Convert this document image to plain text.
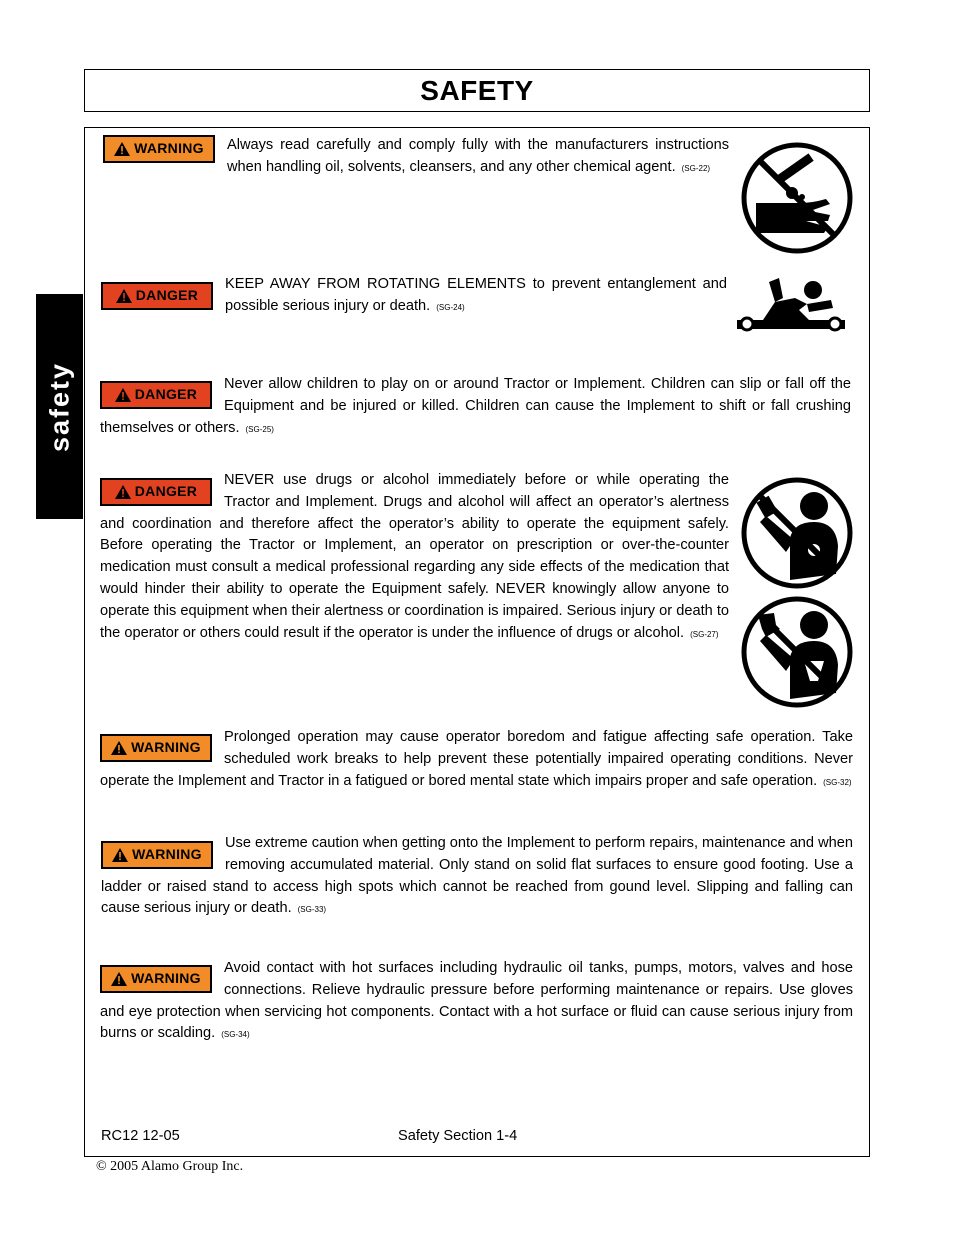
SAFETY
safety
WARNING Always read carefully and comply fully with the manufacturers instructions when handling oil, solvents, cleansers, and any other chemical agent. (SG-22)
DANGER
KEEP AWAY FROM ROTATING ELEMENTS to prevent entanglement and possible serious injury or death. (SG-24)
DANGER
Never allow children to play on or around Tractor or Implement. Children can slip or fall off the Equipment and be injured or killed. Children can cause the Implement to shift or fall crushing themselves or others. (SG-25)
DANGER
NEVER use drugs or alcohol immediately before or while operating the Tractor and Implement. Drugs and alcohol will affect an operator’s alertness and coordination and therefore affect the operator’s ability to operate the equipment safely. Before operating the Tractor or Implement, an operator on prescription or over-the-counter medication must consult a medical professional regarding any side effects of the medication that would hinder their ability to operate the Equipment safely. NEVER knowingly allow anyone to operate this equipment when their alertness or coordination is impaired. Serious injury or death to the operator or others could result if the operator is under the influence of drugs or alcohol. (SG-27)
WARNING
Prolonged operation may cause operator boredom and fatigue affecting safe operation. Take scheduled work breaks to help prevent these potentially impaired operating conditions. Never operate the Implement and Tractor in a fatigued or bored mental state which impairs proper and safe operation. (SG-32)
WARNING
Use extreme caution when getting onto the Implement to perform repairs, maintenance and when removing accumulated material. Only stand on solid flat surfaces to ensure good footing. Use a ladder or raised stand to access high spots which cannot be reached from gound level. Slipping and falling can cause serious injury or death. (SG-33)
WARNING
Avoid contact with hot surfaces including hydraulic oil tanks, pumps, motors, valves and hose connections. Relieve hydraulic pressure before performing maintenance or repairs. Use gloves and eye protection when servicing hot components. Contact with a hot surface or fluid can cause serious injury from burns or scalding. (SG-34)
RC12 12-05	Safety Section 1-4
© 2005 Alamo Group Inc.
